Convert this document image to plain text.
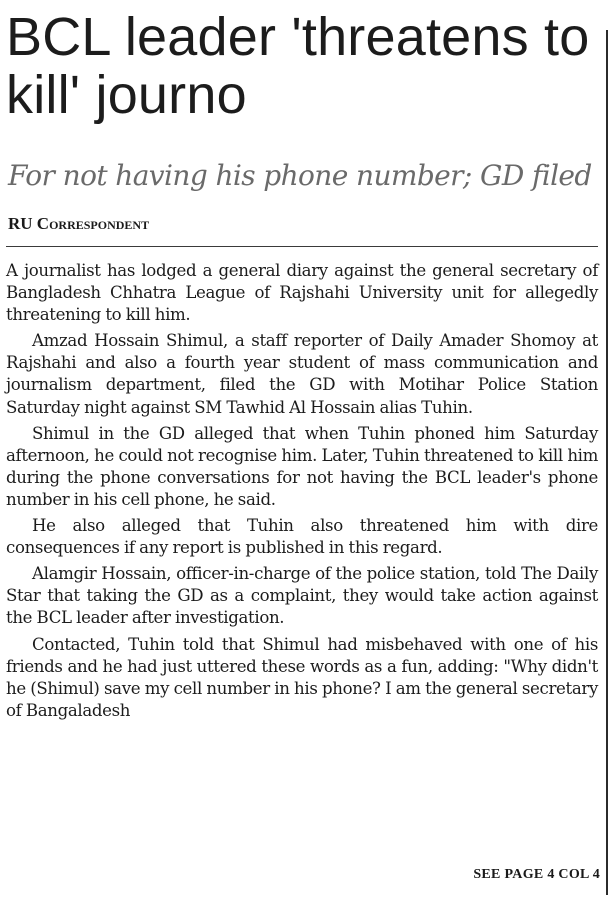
BCL leader 'threatens to kill' journo
For not having his phone number; GD filed

RU Correspondent

A journalist has lodged a general diary against the general secretary of Bangladesh Chhatra League of Rajshahi University unit for allegedly threatening to kill him.

Amzad Hossain Shimul, a staff reporter of Daily Amader Shomoy at Rajshahi and also a fourth year student of mass communication and journalism department, filed the GD with Motihar Police Station Saturday night against SM Tawhid Al Hossain alias Tuhin.

Shimul in the GD alleged that when Tuhin phoned him Saturday afternoon, he could not recognise him. Later, Tuhin threatened to kill him during the phone conversations for not having the BCL leader's phone number in his cell phone, he said.

He also alleged that Tuhin also threatened him with dire consequences if any report is published in this regard.

Alamgir Hossain, officer-in-charge of the police station, told The Daily Star that taking the GD as a complaint, they would take action against the BCL leader after investigation.

Contacted, Tuhin told that Shimul had misbehaved with one of his friends and he had just uttered these words as a fun, adding: "Why didn't he (Shimul) save my cell number in his phone? I am the general secretary of Bangaladesh

SEE PAGE 4 COL 4
